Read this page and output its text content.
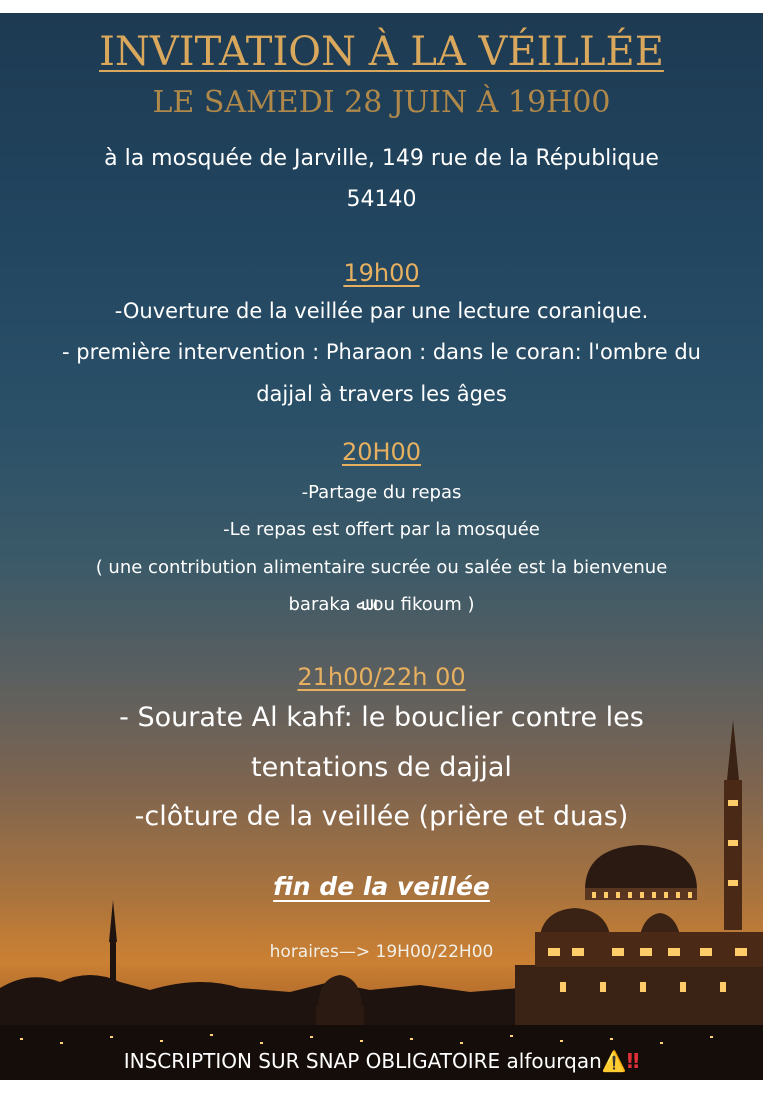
INVITATION À LA VÉILLÉE
LE SAMEDI 28 JUIN À 19H00
à la mosquée de Jarville, 149 rue de la République
54140
19h00
-Ouverture de la veillée par une lecture coranique.
- première intervention : Pharaon : dans le coran: l'ombre du
dajjal à travers les âges
20H00
-Partage du repas
-Le repas est offert par la mosquée
( une contribution alimentaire sucrée ou salée est la bienvenue
baraka ﷲ ou fikoum )
21h00/22h 00
- Sourate Al kahf: le bouclier contre les
tentations de dajjal
-clôture de la veillée (prière et duas)
fin de la veillée
horaires—> 19H00/22H00
INSCRIPTION SUR SNAP OBLIGATOIRE alfourqan⚠️‼
